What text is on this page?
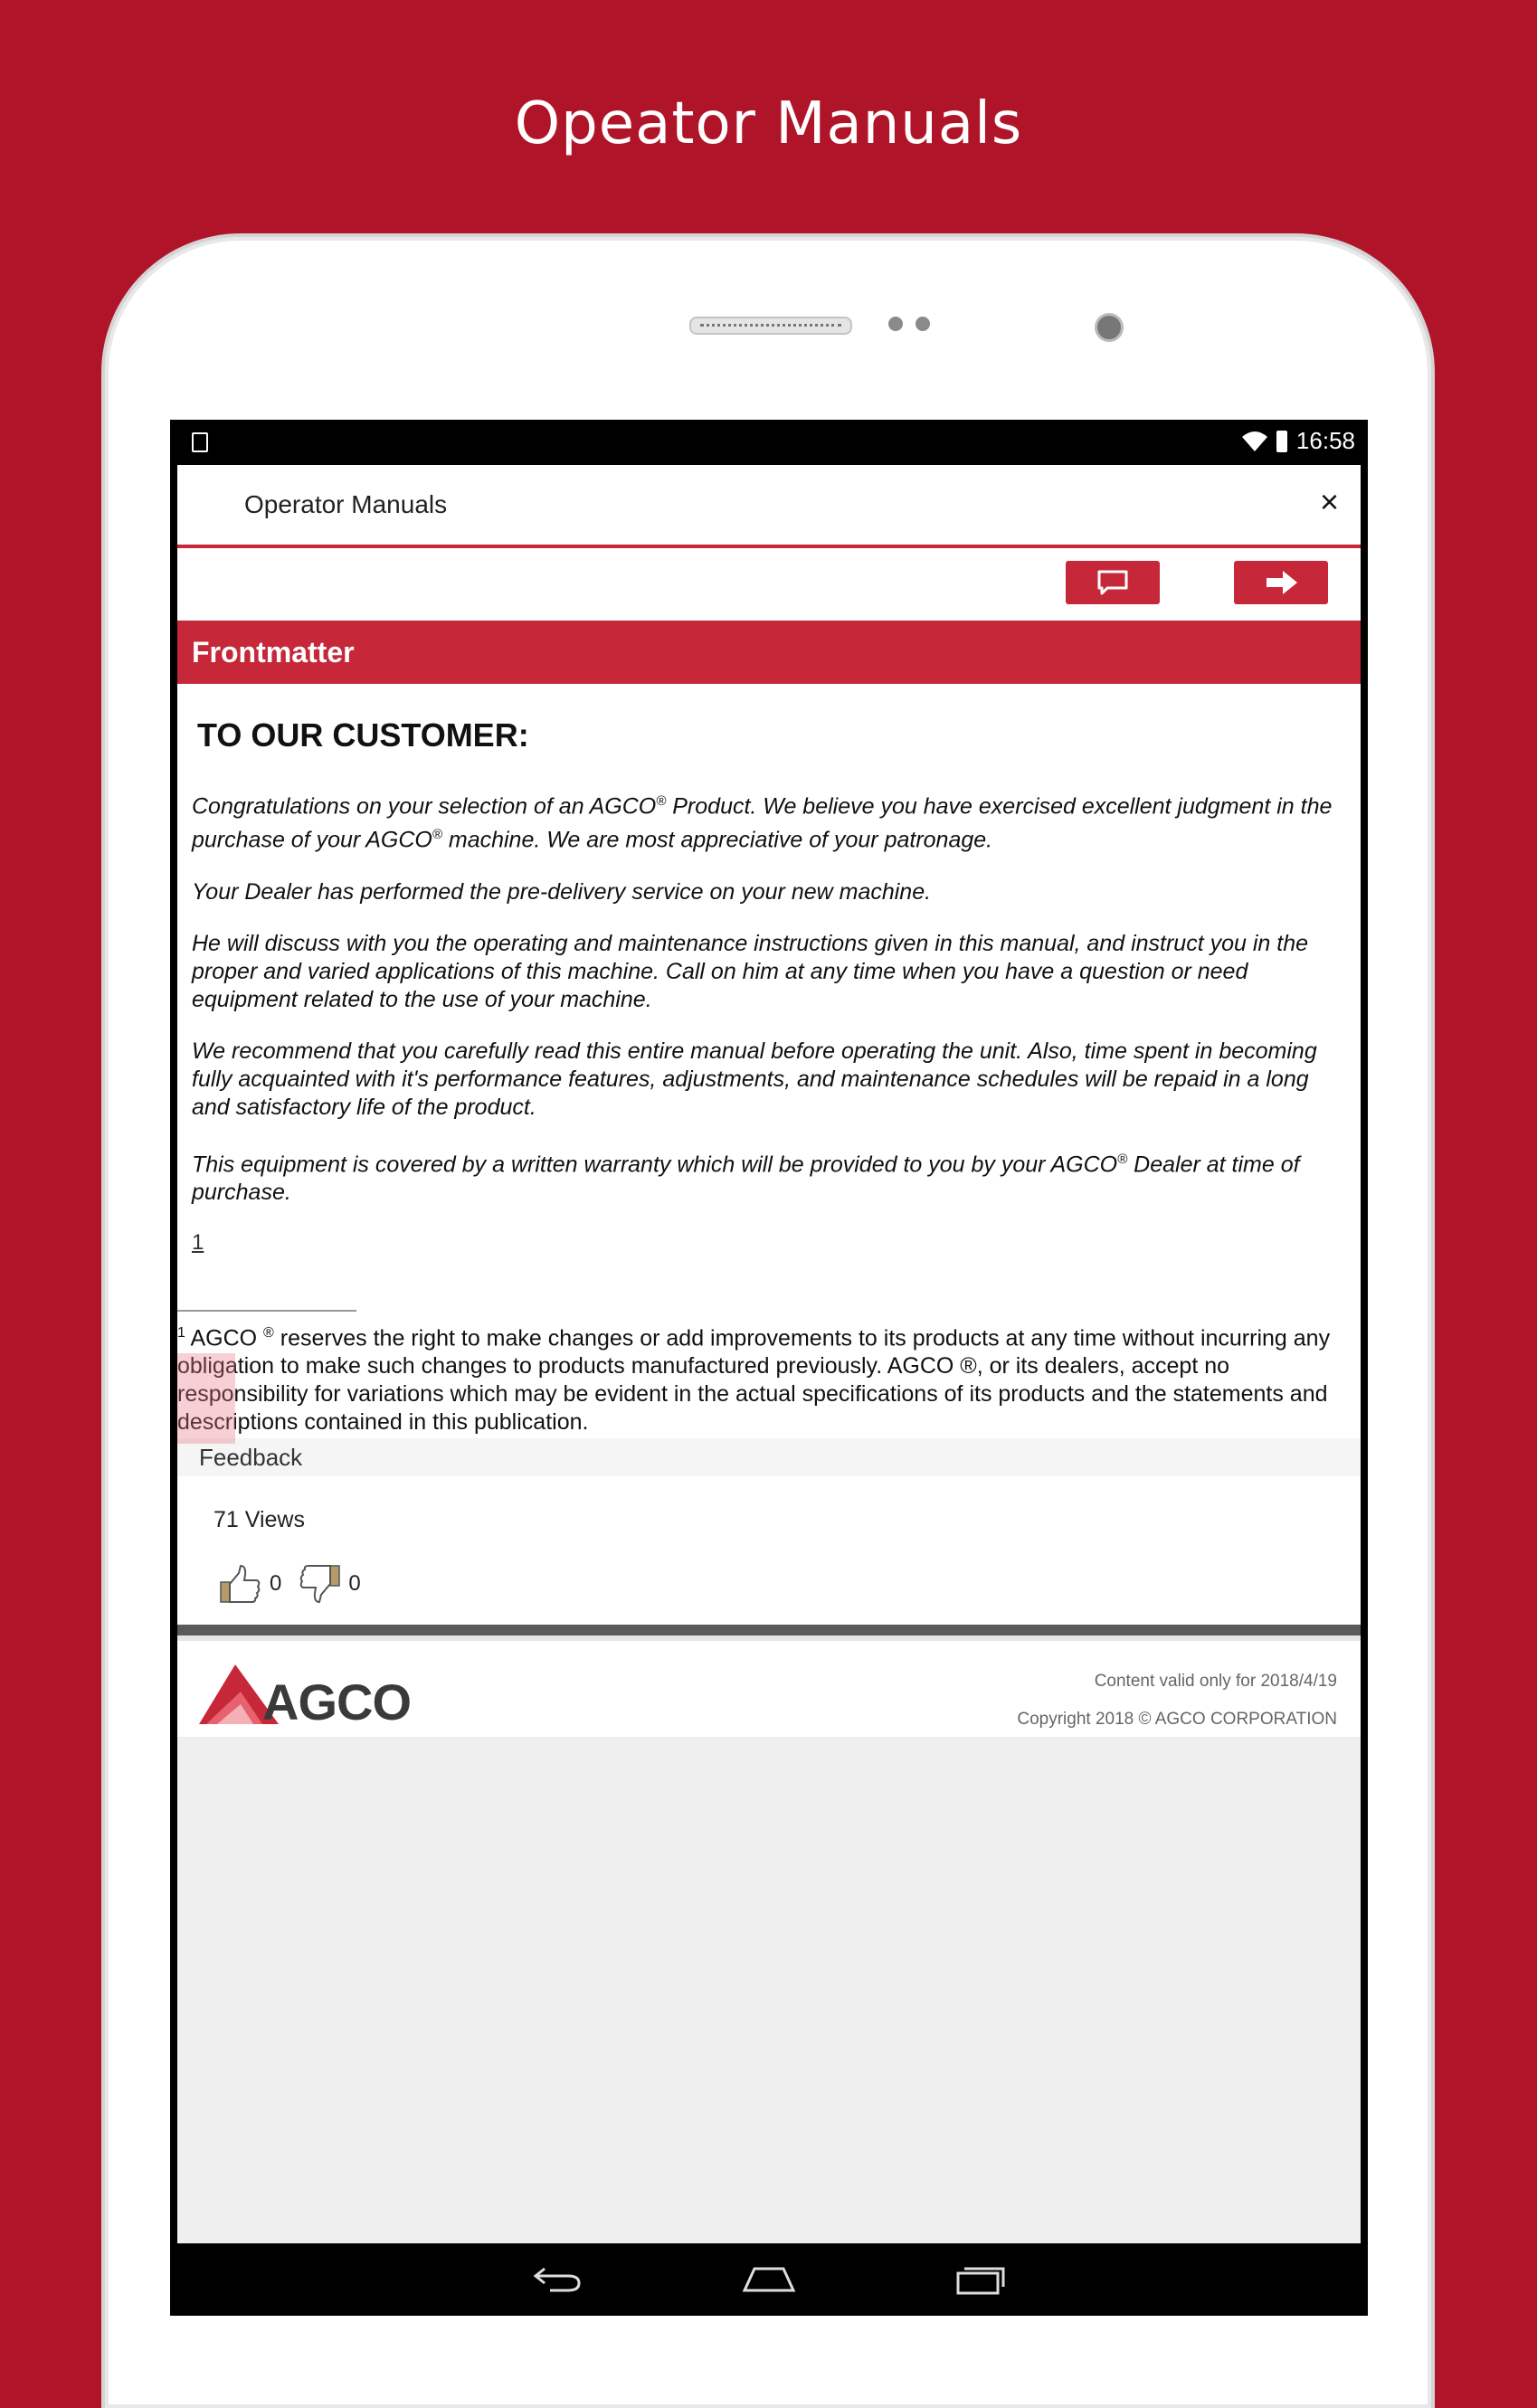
Opeator Manuals
16:58
Operator Manuals	×
Frontmatter
TO OUR CUSTOMER:

Congratulations on your selection of an AGCO® Product. We believe you have exercised excellent judgment in the purchase of your AGCO® machine. We are most appreciative of your patronage.

Your Dealer has performed the pre-delivery service on your new machine.

He will discuss with you the operating and maintenance instructions given in this manual, and instruct you in the proper and varied applications of this machine. Call on him at any time when you have a question or need equipment related to the use of your machine.

We recommend that you carefully read this entire manual before operating the unit. Also, time spent in becoming fully acquainted with it's performance features, adjustments, and maintenance schedules will be repaid in a long and satisfactory life of the product.

This equipment is covered by a written warranty which will be provided to you by your AGCO® Dealer at time of purchase.

1
$^1$ AGCO ® reserves the right to make changes or add improvements to its products at any time without incurring any obligation to make such changes to products manufactured previously. AGCO ®, or its dealers, accept no responsibility for variations which may be evident in the actual specifications of its products and the statements and descriptions contained in this publication.
Feedback
71 Views
0	0
AGCO	Content valid only for 2018/4/19
Copyright 2018 © AGCO CORPORATION
